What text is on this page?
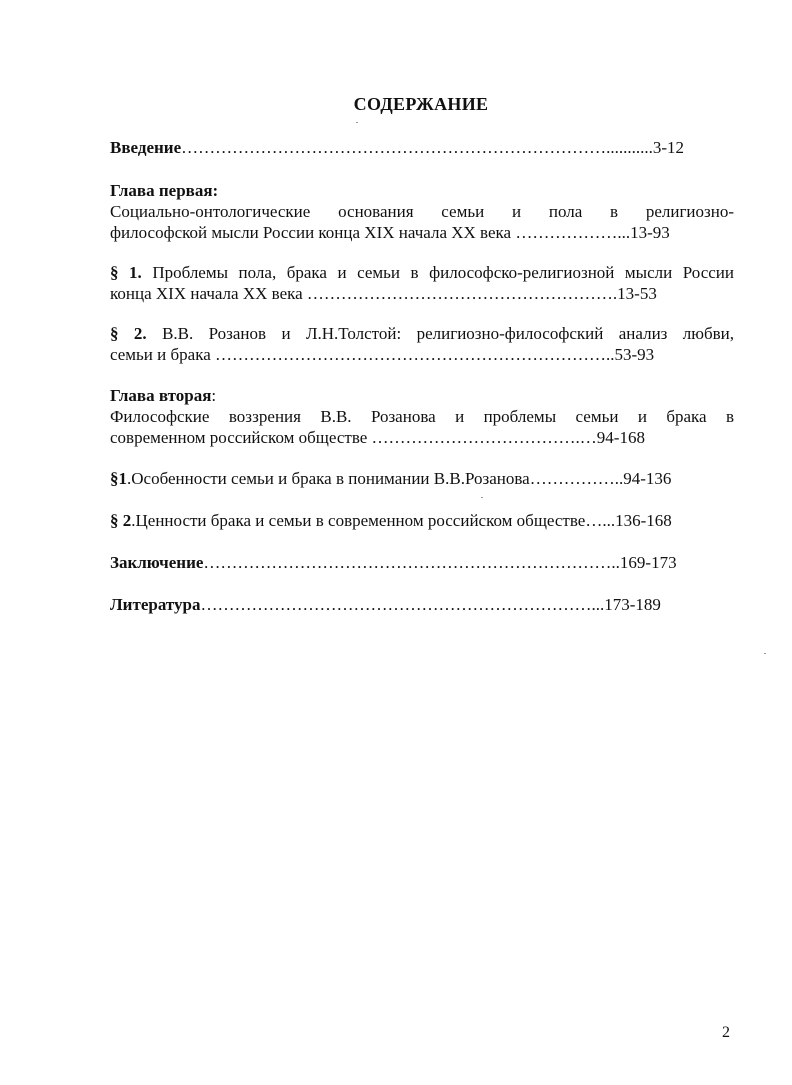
СОДЕРЖАНИЕ
Введение…………………………………………………………………...........3-12
Глава первая:
Социально-онтологические основания семьи и пола в религиозно-
философской мысли России конца XIX начала XX века ………………...13-93
§ 1. Проблемы пола, брака и семьи в философско-религиозной мысли России
конца XIX начала XX века ……………………………………………….13-53
§ 2. В.В. Розанов и Л.Н.Толстой: религиозно-философский анализ любви,
семьи и брака ……………………………………………………………..53-93
Глава вторая:
Философские воззрения В.В. Розанова и проблемы семьи и брака в
современном российском обществе ……………………………….…94-168
§1.Особенности семьи и брака в понимании В.В.Розанова……………..94-136
§ 2.Ценности брака и семьи в современном российском обществе…...136-168
Заключение………………………………………………………………..169-173
Литература……………………………………………………………...173-189
2
